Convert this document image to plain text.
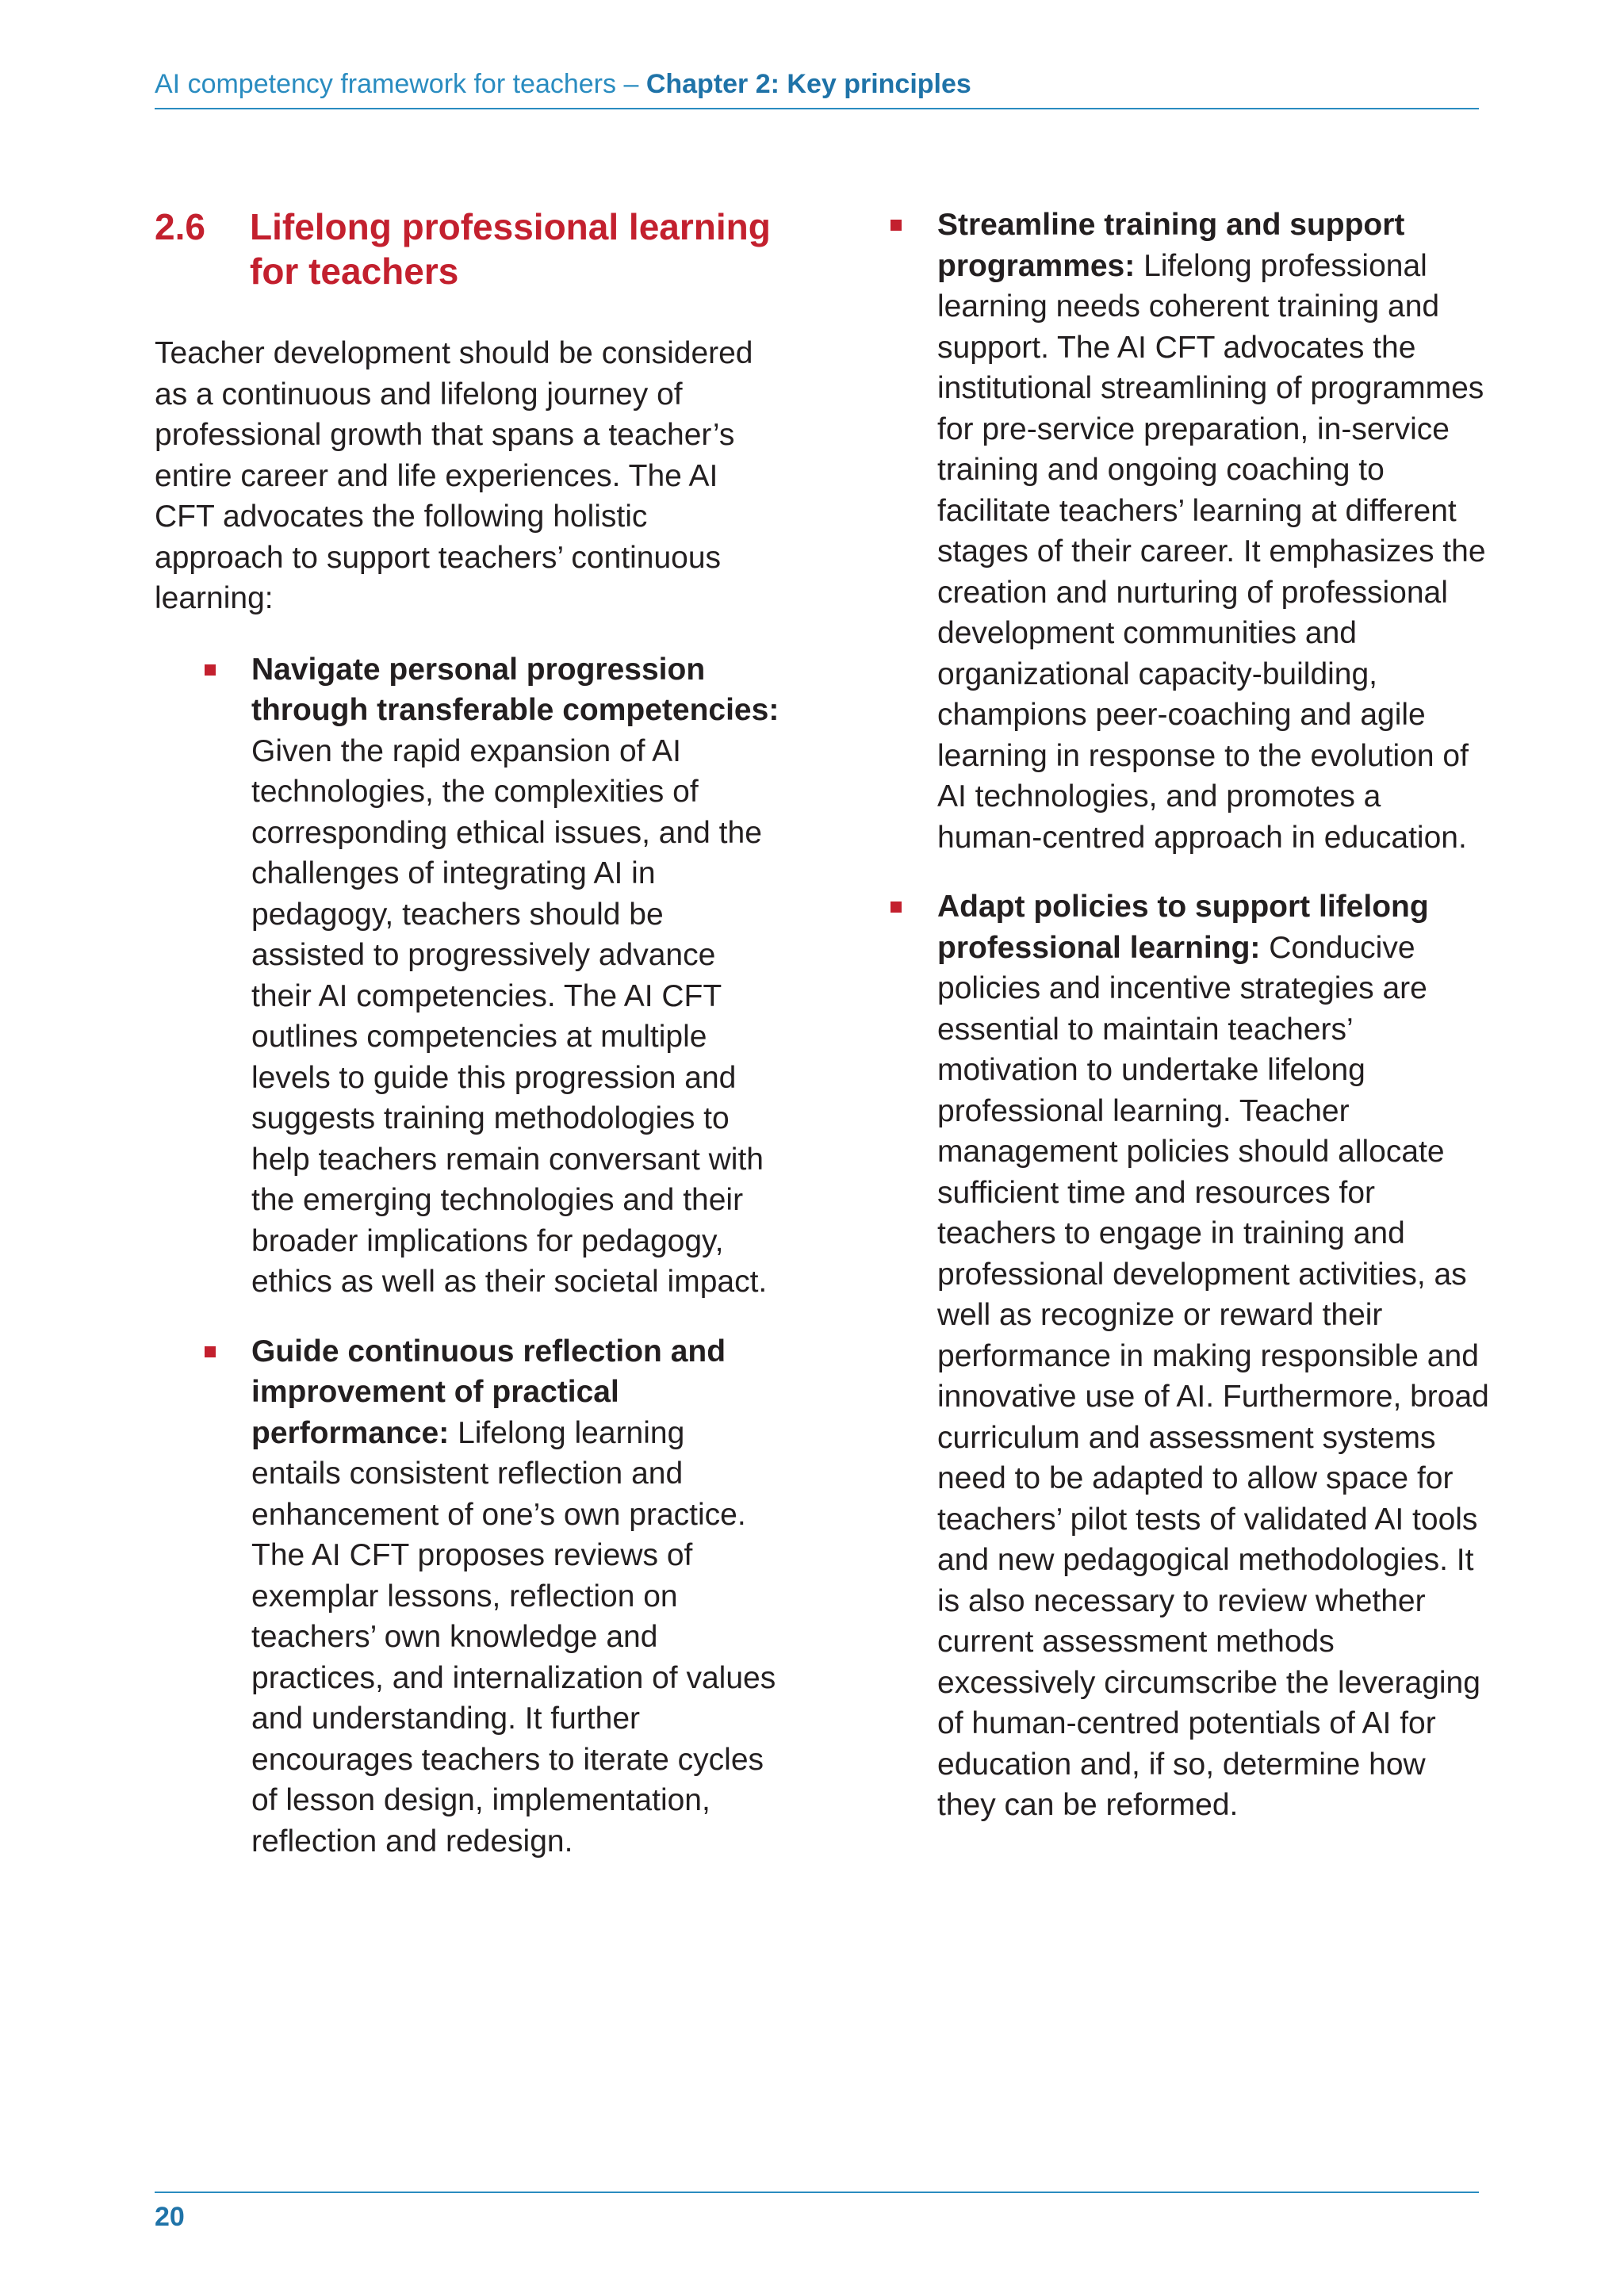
AI competency framework for teachers – Chapter 2: Key principles
2.6	Lifelong professional learning for teachers

Teacher development should be considered as a continuous and lifelong journey of professional growth that spans a teacher’s entire career and life experiences. The AI CFT advocates the following holistic approach to support teachers’ continuous learning:

Navigate personal progression through transferable competencies: Given the rapid expansion of AI technologies, the complexities of corresponding ethical issues, and the challenges of integrating AI in pedagogy, teachers should be assisted to progressively advance their AI competencies. The AI CFT outlines competencies at multiple levels to guide this progression and suggests training methodologies to help teachers remain conversant with the emerging technologies and their broader implications for pedagogy, ethics as well as their societal impact.
Guide continuous reflection and improvement of practical performance: Lifelong learning entails consistent reflection and enhancement of one’s own practice. The AI CFT proposes reviews of exemplar lessons, reflection on teachers’ own knowledge and practices, and internalization of values and understanding. It further encourages teachers to iterate cycles of lesson design, implementation, reflection and redesign.
Streamline training and support programmes: Lifelong professional learning needs coherent training and support. The AI CFT advocates the institutional streamlining of programmes for pre-service preparation, in-service training and ongoing coaching to facilitate teachers’ learning at different stages of their career. It emphasizes the creation and nurturing of professional development communities and organizational capacity-building, champions peer-coaching and agile learning in response to the evolution of AI technologies, and promotes a human-centred approach in education.
Adapt policies to support lifelong professional learning: Conducive policies and incentive strategies are essential to maintain teachers’ motivation to undertake lifelong professional learning. Teacher management policies should allocate sufficient time and resources for teachers to engage in training and professional development activities, as well as recognize or reward their performance in making responsible and innovative use of AI. Furthermore, broad curriculum and assessment systems need to be adapted to allow space for teachers’ pilot tests of validated AI tools and new pedagogical methodologies. It is also necessary to review whether current assessment methods excessively circumscribe the leveraging of human-centred potentials of AI for education and, if so, determine how they can be reformed.
20
